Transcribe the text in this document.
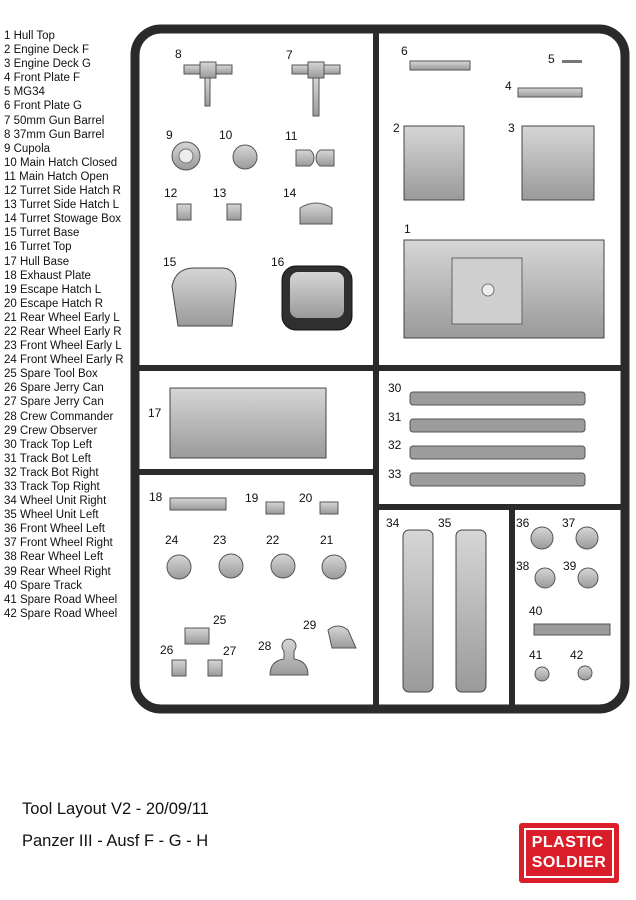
1 Hull Top
2 Engine Deck F
3 Engine Deck G
4 Front Plate F
5 MG34
6 Front Plate G
7 50mm Gun Barrel
8 37mm Gun Barrel
9 Cupola
10 Main Hatch Closed
11 Main Hatch Open
12 Turret Side Hatch R
13 Turret Side Hatch L
14 Turret Stowage Box
15 Turret Base
16 Turret Top
17 Hull Base
18 Exhaust Plate
19 Escape Hatch L
20 Escape Hatch R
21 Rear Wheel Early L
22 Rear Wheel Early R
23 Front Wheel Early L
24 Front Wheel Early R
25 Spare Tool Box
26 Spare Jerry Can
27 Spare Jerry Can
28 Crew Commander
29 Crew Observer
30 Track Top Left
31 Track Bot Left
32 Track Bot Right
33 Track Top Right
34 Wheel Unit Right
35 Wheel Unit Left
36 Front Wheel Left
37 Front Wheel Right
38 Rear Wheel Left
39 Rear Wheel Right
40 Spare Track
41 Spare Road Wheel
42 Spare Road Wheel
1
2	3
4
5
6
7
8
9	10	11
12	13	14
15	16
17
18	19	20
21
22
23
24
25
26	27 28
29
30
31
32
33
34	35	36	37
38	39
40
41 42
Tool Layout V2 - 20/09/11
Panzer III - Ausf F - G - H	PLASTIC
SOLDIER
